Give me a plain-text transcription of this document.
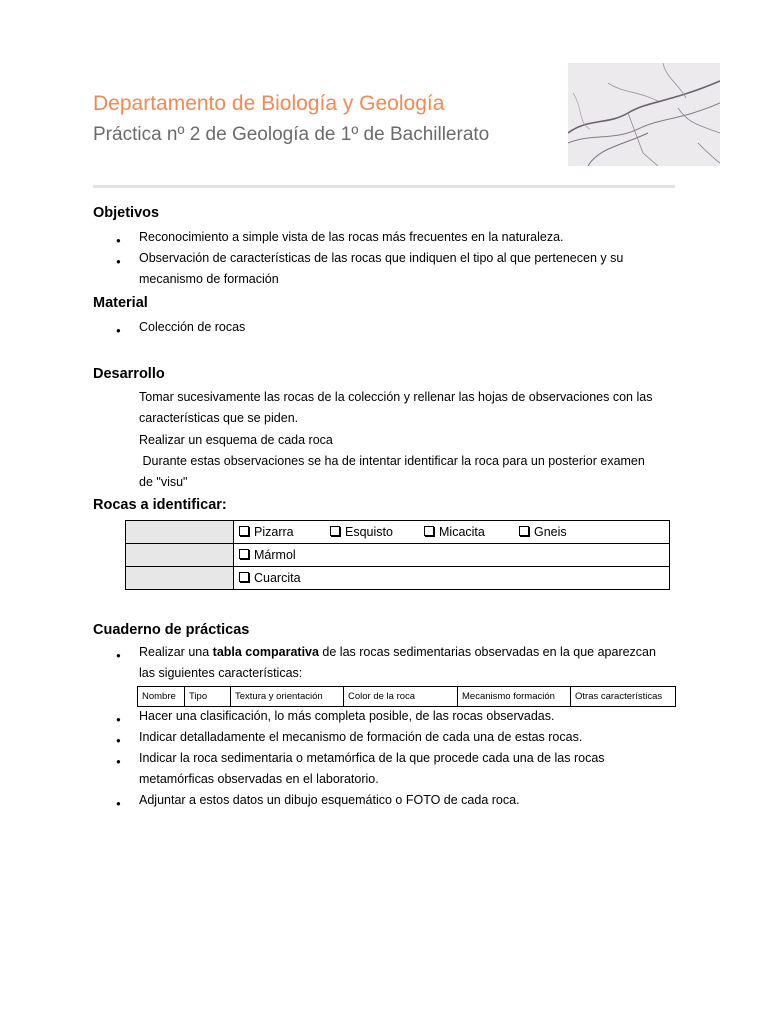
Departamento de Biología y Geología
Práctica nº 2 de Geología de 1º de Bachillerato
Objetivos
● Reconocimiento a simple vista de las rocas más frecuentes en la naturaleza.
● Observación de características de las rocas que indiquen el tipo al que pertenecen y su
mecanismo de formación
Material
● Colección de rocas
Desarrollo
Tomar sucesivamente las rocas de la colección y rellenar las hojas de observaciones con las
características que se piden.
Realizar un esquema de cada roca
Durante estas observaciones se ha de intentar identificar la roca para un posterior examen
de "visu"
Rocas a identificar:
	Pizarra Esquisto Micacita Gneis
	Mármol
	Cuarcita
Cuaderno de prácticas
● Realizar una tabla comparativa de las rocas sedimentarias observadas en la que aparezcan
las siguientes características:
Nombre	Tipo	Textura y orientación	Color de la roca	Mecanismo formación	Otras características
● Hacer una clasificación, lo más completa posible, de las rocas observadas.
● Indicar detalladamente el mecanismo de formación de cada una de estas rocas.
● Indicar la roca sedimentaria o metamórfica de la que procede cada una de las rocas
metamórficas observadas en el laboratorio.
● Adjuntar a estos datos un dibujo esquemático o FOTO de cada roca.
